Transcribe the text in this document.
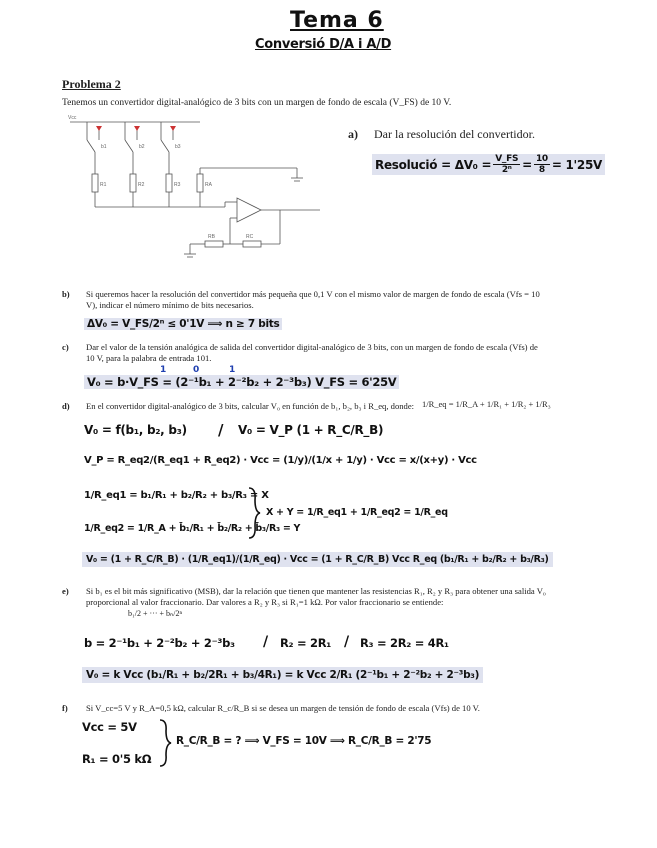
Tema 6
Conversió D/A i A/D
Problema 2
Tenemos un convertidor digital-analógico de 3 bits con un margen de fondo de escala (V_FS) de 10 V.
Vcc
R1	R2	R3	RA
RB	RC
b1	b2	b3
a) Dar la resolución del convertidor.
Resolució = $\Delta V_0 = \frac{V\_FS}{\text{2ⁿ}} = \frac{10}{8} = 1'25V$
b) Si queremos hacer la resolución del convertidor más pequeña que 0,1 V con el mismo valor de margen de fondo de escala (Vfs = 10 V), indicar el número mínimo de bits necesarios.
ΔV₀ = V_FS/2ⁿ ≤ 0'1V ⟹ n ≥ 7 bits
c) Dar el valor de la tensión analógica de salida del convertidor digital-analógico de 3 bits, con un margen de fondo de escala (Vfs) de 10 V, para la palabra de entrada 101.
1	0	1
V₀ = b·V_FS = (2⁻¹b₁ + 2⁻²b₂ + 2⁻³b₃) V_FS = 6'25V
d) En el convertidor digital-analógico de 3 bits, calcular V₀ en función de b₁, b₂, b₃ i R_eq, donde: 1/R_eq = 1/R_A + 1/R₁ + 1/R₂ + 1/R₃
V₀ = f(b₁, b₂, b₃) / V₀ = V_P (1 + R_C/R_B)
V_P = R_eq2/(R_eq1 + R_eq2) · Vcc = (1/y)/(1/x + 1/y) · Vcc = x/(x+y) · Vcc
1/R_eq1 = b₁/R₁ + b₂/R₂ + b₃/R₃ = X
1/R_eq2 = 1/R_A + b̄₁/R₁ + b̄₂/R₂ + b̄₃/R₃ = Y
X + Y = 1/R_eq1 + 1/R_eq2 = 1/R_eq
V₀ = (1 + R_C/R_B) · (1/R_eq1)/(1/R_eq) · Vcc = (1 + R_C/R_B) Vcc R_eq (b₁/R₁ + b₂/R₂ + b₃/R₃)
e) Si b₁ es el bit más significativo (MSB), dar la relación que tienen que mantener las resistencias R₁, R₂ y R₃ para obtener una salida V₀ proporcional al valor fraccionario. Dar valores a R₂ y R₃ si R₁=1 kΩ. Por valor fraccionario se entiende:
b₁/2 + ··· + bₙ/2ⁿ
b = 2⁻¹b₁ + 2⁻²b₂ + 2⁻³b₃ / R₂ = 2R₁ / R₃ = 2R₂ = 4R₁
V₀ = k Vcc (b₁/R₁ + b₂/2R₁ + b₃/4R₁) = k Vcc 2/R₁ (2⁻¹b₁ + 2⁻²b₂ + 2⁻³b₃)
f) Si V_cc=5 V y R_A=0,5 kΩ, calcular R_c/R_B si se desea un margen de tensión de fondo de escala (Vfs) de 10 V.
Vcc = 5V
R₁ = 0'5 kΩ
R_C/R_B = ? ⟹ V_FS = 10V ⟹ R_C/R_B = 2'75
